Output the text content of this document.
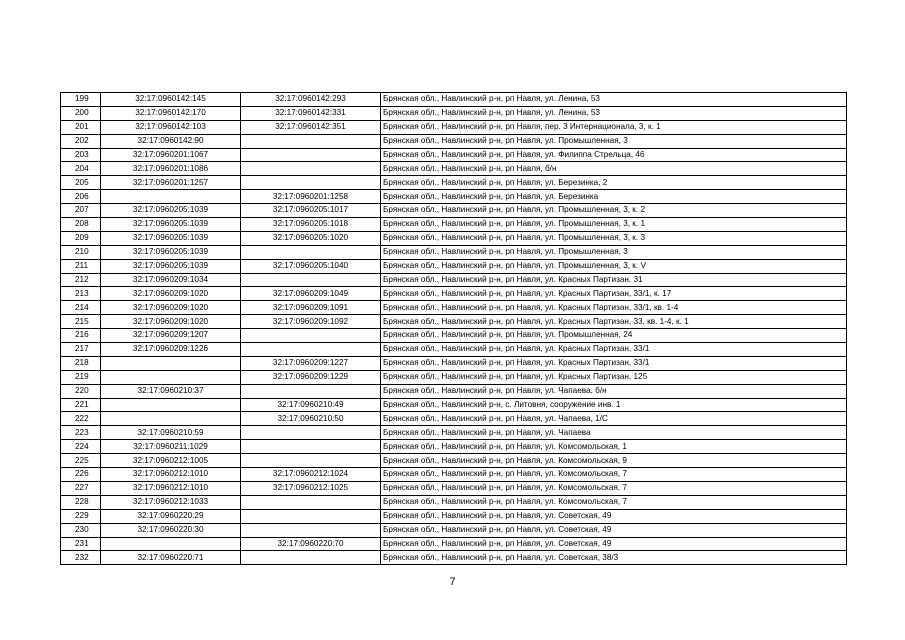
199	32:17:0960142:145	32:17:0960142:293	Брянская обл., Навлинский р-н, рп Навля, ул. Ленина, 53
200	32:17:0960142:170	32:17:0960142:331	Брянская обл., Навлинский р-н, рп Навля, ул. Ленина, 53
201	32:17:0960142:103	32:17:0960142:351	Брянская обл., Навлинский р-н, рп Навля, пер. 3 Интернационала, 3, к. 1
202	32:17:0960142:90		Брянская обл., Навлинский р-н, рп Навля, ул. Промышленная, 3
203	32:17:0960201:1067		Брянская обл., Навлинский р-н, рп Навля, ул. Филиппа Стрельца, 46
204	32:17:0960201:1086		Брянская обл., Навлинский р-н, рп Навля, б/н
205	32:17:0960201:1257		Брянская обл., Навлинский р-н, рп Навля, ул. Березинка, 2
206		32:17:0960201:1258	Брянская обл., Навлинский р-н, рп Навля, ул. Березинка
207	32:17:0960205:1039	32:17:0960205:1017	Брянская обл., Навлинский р-н, рп Навля, ул. Промышленная, 3, к. 2
208	32:17:0960205:1039	32:17:0960205:1018	Брянская обл., Навлинский р-н, рп Навля, ул. Промышленная, 3, к. 1
209	32:17:0960205:1039	32:17:0960205:1020	Брянская обл., Навлинский р-н, рп Навля, ул. Промышленная, 3, к. 3
210	32:17:0960205:1039		Брянская обл., Навлинский р-н, рп Навля, ул. Промышленная, 3
211	32:17:0960205:1039	32:17:0960205:1040	Брянская обл., Навлинский р-н, рп Навля, ул. Промышленная, 3, к. V
212	32:17:0960209:1034		Брянская обл., Навлинский р-н, рп Навля, ул. Красных Партизан, 31
213	32:17:0960209:1020	32:17:0960209:1049	Брянская обл., Навлинский р-н, рп Навля, ул. Красных Партизан, 33/1, к. 17
214	32:17:0960209:1020	32:17:0960209:1091	Брянская обл., Навлинский р-н, рп Навля, ул. Красных Партизан, 33/1, кв. 1-4
215	32:17:0960209:1020	32:17:0960209:1092	Брянская обл., Навлинский р-н, рп Навля, ул. Красных Партизан, 33, кв. 1-4, к. 1
216	32:17:0960209:1207		Брянская обл., Навлинский р-н, рп Навля, ул. Промышленная, 24
217	32:17:0960209:1226		Брянская обл., Навлинский р-н, рп Навля, ул. Красных Партизан, 33/1
218		32:17:0960209:1227	Брянская обл., Навлинский р-н, рп Навля, ул. Красных Партизан, 33/1
219		32:17:0960209:1229	Брянская обл., Навлинский р-н, рп Навля, ул. Красных Партизан, 125
220	32:17:0960210:37		Брянская обл., Навлинский р-н, рп Навля, ул. Чапаева, б/н
221		32:17:0960210:49	Брянская обл., Навлинский р-н, с. Литовня, сооружение инв. 1
222		32:17:0960210:50	Брянская обл., Навлинский р-н, рп Навля, ул. Чапаева, 1/С
223	32:17:0960210:59		Брянская обл., Навлинский р-н, рп Навля, ул. Чапаева
224	32:17:0960211:1029		Брянская обл., Навлинский р-н, рп Навля, ул. Комсомольская, 1
225	32:17:0960212:1005		Брянская обл., Навлинский р-н, рп Навля, ул. Комсомольская, 9
226	32:17:0960212:1010	32:17:0960212:1024	Брянская обл., Навлинский р-н, рп Навля, ул. Комсомольская, 7
227	32:17:0960212:1010	32:17:0960212:1025	Брянская обл., Навлинский р-н, рп Навля, ул. Комсомольская, 7
228	32:17:0960212:1033		Брянская обл., Навлинский р-н, рп Навля, ул. Комсомольская, 7
229	32:17:0960220:29		Брянская обл., Навлинский р-н, рп Навля, ул. Советская, 49
230	32:17:0960220:30		Брянская обл., Навлинский р-н, рп Навля, ул. Советская, 49
231		32:17:0960220:70	Брянская обл., Навлинский р-н, рп Навля, ул. Советская, 49
232	32:17:0960220:71		Брянская обл., Навлинский р-н, рп Навля, ул. Советская, 38/3
7
